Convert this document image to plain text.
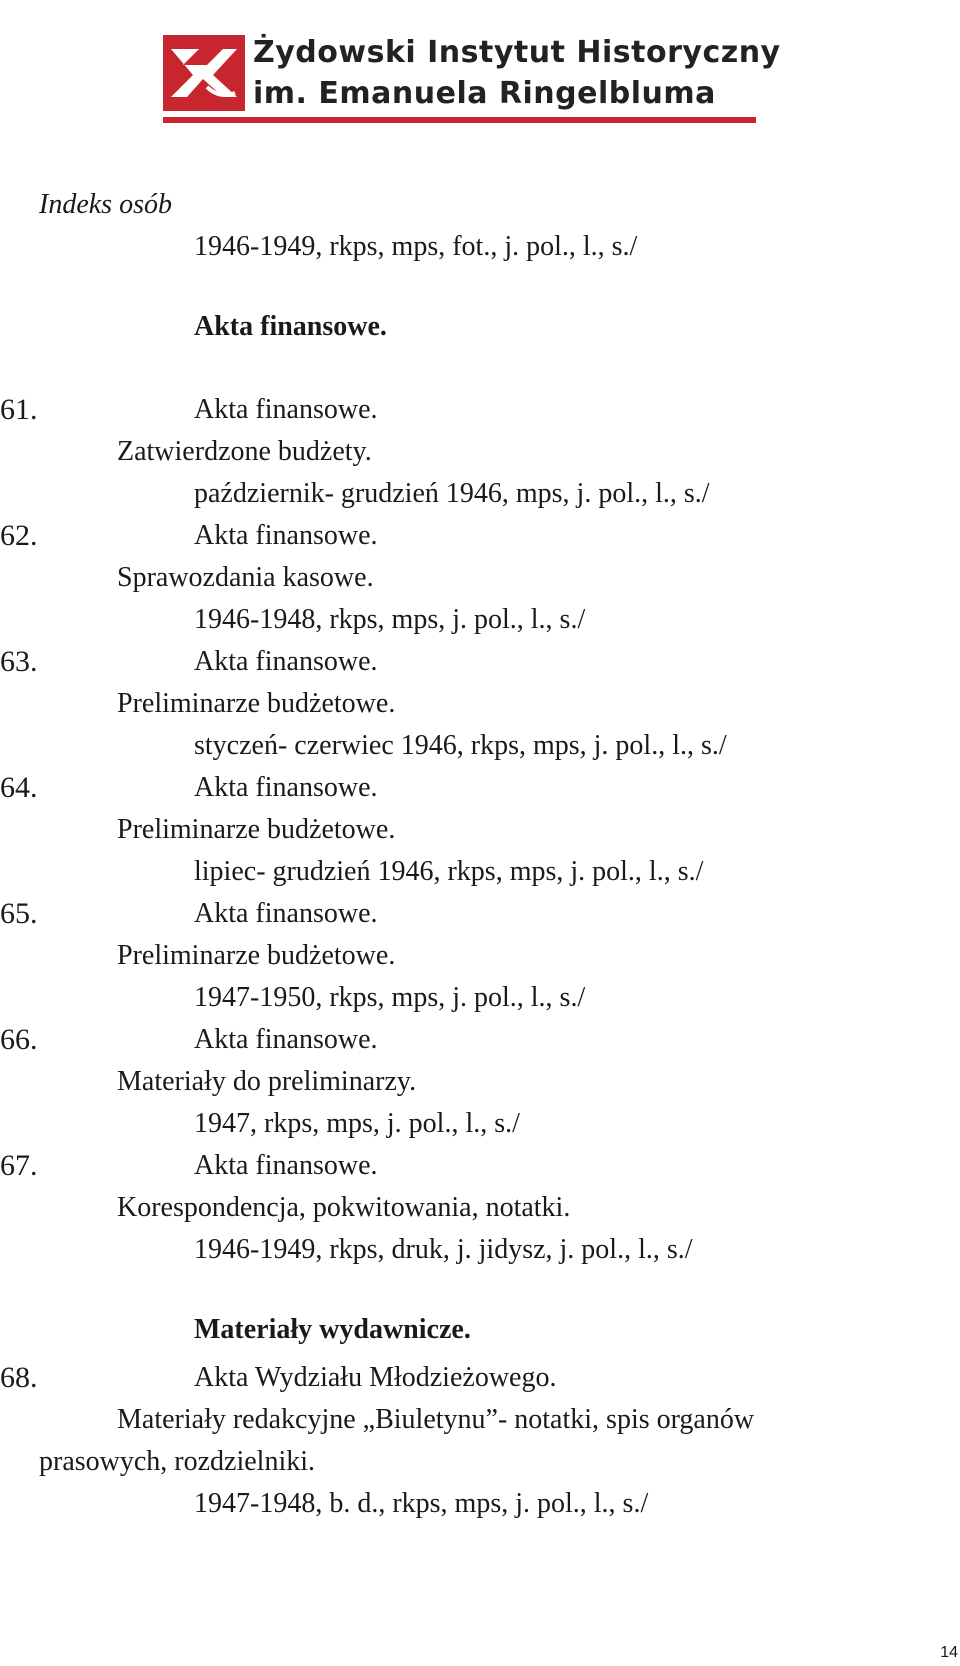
Żydowski Instytut Historyczny
im. Emanuela Ringelbluma
Indeks osób
1946-1949, rkps, mps, fot., j. pol., l., s./
Akta finansowe.
61.	Akta finansowe.
Zatwierdzone budżety.
październik- grudzień 1946, mps, j. pol., l., s./
62.	Akta finansowe.
Sprawozdania kasowe.
1946-1948, rkps, mps, j. pol., l., s./
63.	Akta finansowe.
Preliminarze budżetowe.
styczeń- czerwiec 1946, rkps, mps, j. pol., l., s./
64.	Akta finansowe.
Preliminarze budżetowe.
lipiec- grudzień 1946, rkps, mps, j. pol., l., s./
65.	Akta finansowe.
Preliminarze budżetowe.
1947-1950, rkps, mps, j. pol., l., s./
66.	Akta finansowe.
Materiały do preliminarzy.
1947, rkps, mps, j. pol., l., s./
67.	Akta finansowe.
Korespondencja, pokwitowania, notatki.
1946-1949, rkps, druk, j. jidysz, j. pol., l., s./
Materiały wydawnicze.
68.	Akta Wydziału Młodzieżowego.
Materiały redakcyjne „Biuletynu”- notatki, spis organów
prasowych, rozdzielniki.
1947-1948, b. d., rkps, mps, j. pol., l., s./
14
